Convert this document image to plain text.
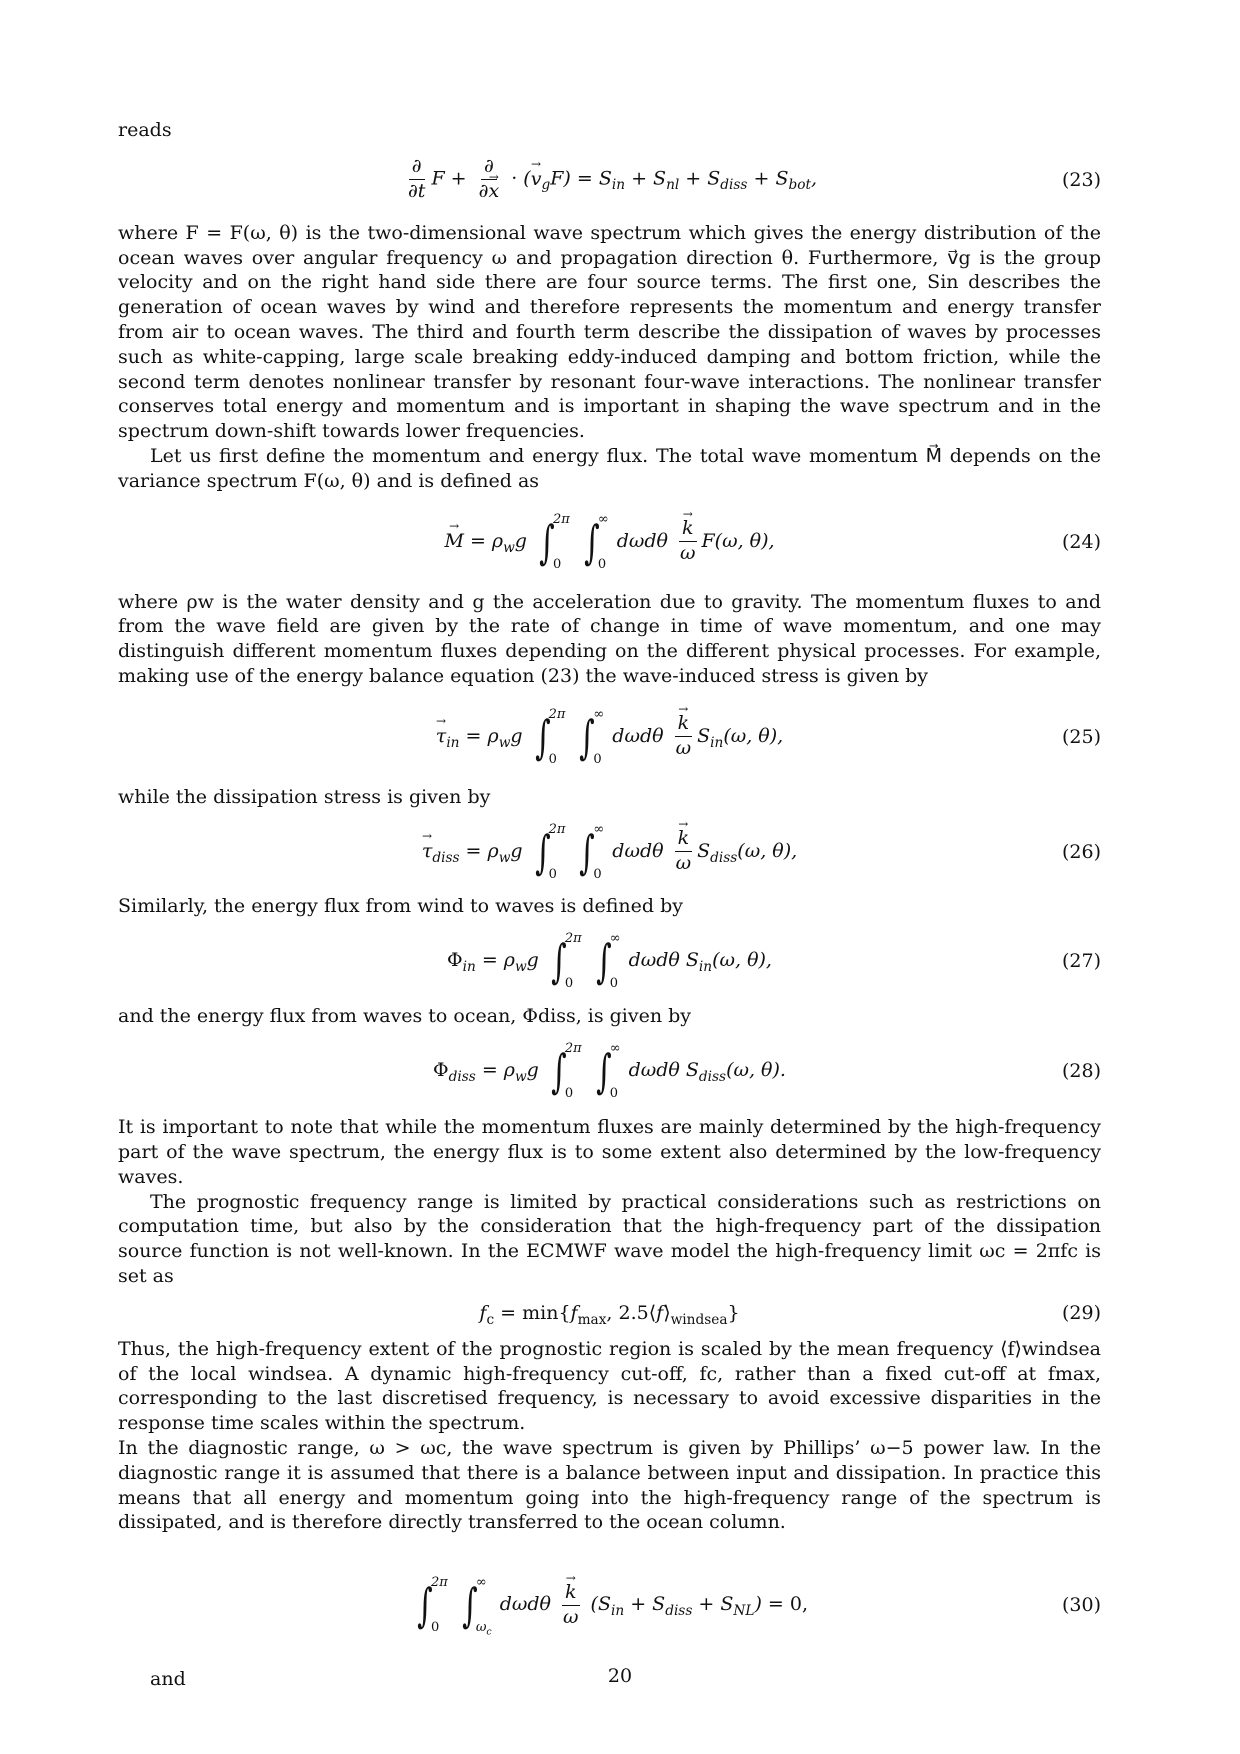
reads

$\frac{\partial}{\partial t}$ $F + \frac{\partial}{\partial\to x}$ · (→ $v_gF) = S_{in} + S_{nl} + S_{diss} + S_{bot}$,	(23)

where F = F(ω, θ) is the two-dimensional wave spectrum which gives the energy distribution of the ocean waves over angular frequency ω and propagation direction θ. Furthermore, v⃗g is the group velocity and on the right hand side there are four source terms. The first one, Sin describes the generation of ocean waves by wind and therefore represents the momentum and energy transfer from air to ocean waves. The third and fourth term describe the dissipation of waves by processes such as white-capping, large scale breaking eddy-induced damping and bottom friction, while the second term denotes nonlinear transfer by resonant four-wave interactions. The nonlinear transfer conserves total energy and momentum and is important in shaping the wave spectrum and in the spectrum down-shift towards lower frequencies.

Let us first define the momentum and energy flux. The total wave momentum M⃗ depends on the variance spectrum F(ω, θ) and is defined as

→ $M = \rho_wg$ ∫
2π
0
∫
∞
0
dωdθ
→ $\frac{k}{\omega} F(\omega$, θ),	(24)

where ρw is the water density and g the acceleration due to gravity. The momentum fluxes to and from the wave field are given by the rate of change in time of wave momentum, and one may distinguish different momentum fluxes depending on the different physical processes. For example, making use of the energy balance equation (23) the wave-induced stress is given by

→ $\tau_{in} = \rho_wg$ ∫
2π
0
∫
∞
0
dωdθ
→ $\frac{k}{\omega} S_{in}(\omega$, θ),	(25)

while the dissipation stress is given by

→ $\tau_{diss} = \rho_wg$ ∫
2π
0
∫
∞
0
dωdθ
→ $\frac{k}{\omega} S_{diss}(\omega$, θ),	(26)

Similarly, the energy flux from wind to waves is defined by

$\Phi_{in} = \rho_wg$ ∫
2π
0
∫
∞
0
dωdθ $S_{in}(\omega$, θ),	(27)

and the energy flux from waves to ocean, Φdiss, is given by

$\Phi_{diss} = \rho_wg$ ∫
2π
0
∫
∞
0
dωdθ $S_{diss}(\omega$, θ).	(28)

It is important to note that while the momentum fluxes are mainly determined by the high-frequency part of the wave spectrum, the energy flux is to some extent also determined by the low-frequency waves.

The prognostic frequency range is limited by practical considerations such as restrictions on computation time, but also by the consideration that the high-frequency part of the dissipation source function is not well-known. In the ECMWF wave model the high-frequency limit ωc = 2πfc is set as

$f_c = \min\{f_{max}$, $2.5⟨f⟩_{windsea}$}	(29)

Thus, the high-frequency extent of the prognostic region is scaled by the mean frequency ⟨f⟩windsea of the local windsea. A dynamic high-frequency cut-off, fc, rather than a fixed cut-off at fmax, corresponding to the last discretised frequency, is necessary to avoid excessive disparities in the response time scales within the spectrum.

In the diagnostic range, ω > ωc, the wave spectrum is given by Phillips’ ω−5 power law. In the diagnostic range it is assumed that there is a balance between input and dissipation. In practice this means that all energy and momentum going into the high-frequency range of the spectrum is dissipated, and is therefore directly transferred to the ocean column.

∫
2π
0
∫
∞
$\omega_c$
dωdθ
→ $\frac{k}{\omega} (S_{in} + S_{diss} + S_{NL}) = 0$,	(30)

and	20
